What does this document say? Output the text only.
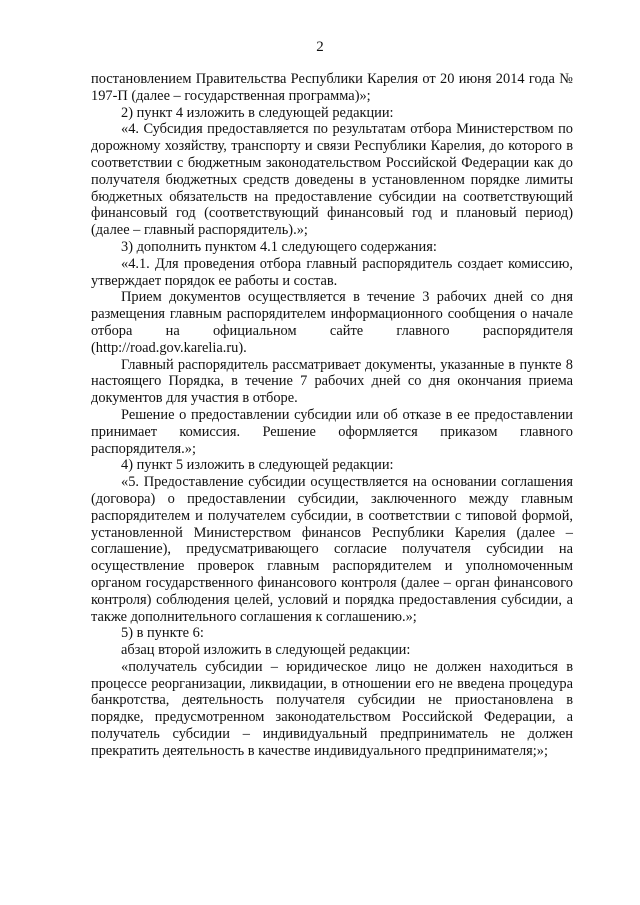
2

постановлением Правительства Республики Карелия от 20 июня 2014 года № 197-П (далее – государственная программа)»;

2) пункт 4 изложить в следующей редакции:

«4. Субсидия предоставляется по результатам отбора Министерством по дорожному хозяйству, транспорту и связи Республики Карелия, до которого в соответствии с бюджетным законодательством Российской Федерации как до получателя бюджетных средств доведены в установленном порядке лимиты бюджетных обязательств на предоставление субсидии на соответствующий финансовый год (соответствующий финансовый год и плановый период) (далее – главный распорядитель).»;

3) дополнить пунктом 4.1 следующего содержания:

«4.1. Для проведения отбора главный распорядитель создает комиссию, утверждает порядок ее работы и состав.

Прием документов осуществляется в течение 3 рабочих дней со дня размещения главным распорядителем информационного сообщения о начале отбора на официальном сайте главного распорядителя (http://road.gov.karelia.ru).

Главный распорядитель рассматривает документы, указанные в пункте 8 настоящего Порядка, в течение 7 рабочих дней со дня окончания приема документов для участия в отборе.

Решение о предоставлении субсидии или об отказе в ее предоставлении принимает комиссия. Решение оформляется приказом главного распорядителя.»;

4) пункт 5 изложить в следующей редакции:

«5. Предоставление субсидии осуществляется на основании соглашения (договора) о предоставлении субсидии, заключенного между главным распорядителем и получателем субсидии, в соответствии с типовой формой, установленной Министерством финансов Республики Карелия (далее – соглашение), предусматривающего согласие получателя субсидии на осуществление проверок главным распорядителем и уполномоченным органом государственного финансового контроля (далее – орган финансового контроля) соблюдения целей, условий и порядка предоставления субсидии, а также дополнительного соглашения к соглашению.»;

5) в пункте 6:

абзац второй изложить в следующей редакции:

«получатель субсидии – юридическое лицо не должен находиться в процессе реорганизации, ликвидации, в отношении его не введена процедура банкротства, деятельность получателя субсидии не приостановлена в порядке, предусмотренном законодательством Российской Федерации, а получатель субсидии – индивидуальный предприниматель не должен прекратить деятельность в качестве индивидуального предпринимателя;»;
